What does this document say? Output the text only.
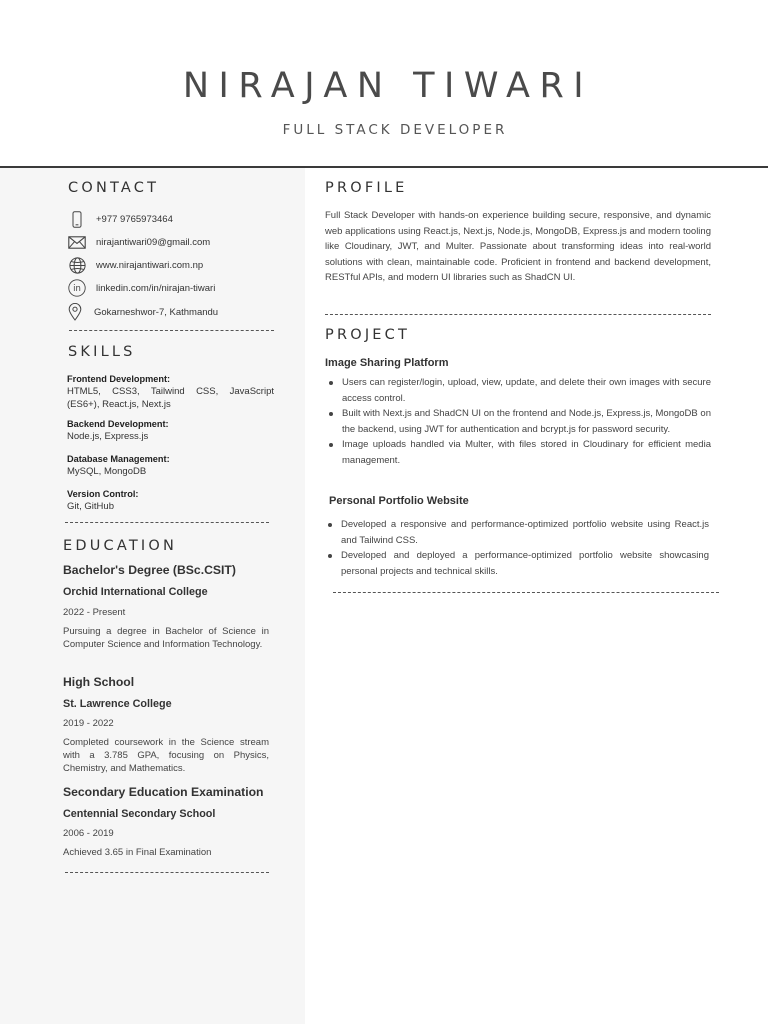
NIRAJAN TIWARI
FULL STACK DEVELOPER
CONTACT
+977 9765973464
nirajantiwari09@gmail.com
www.nirajantiwari.com.np
in linkedin.com/in/nirajan-tiwari
Gokarneshwor-7, Kathmandu
SKILLS
Frontend Development:
HTML5, CSS3, Tailwind CSS, JavaScript (ES6+), React.js, Next.js
Backend Development:
Node.js, Express.js
Database Management:
MySQL, MongoDB
Version Control:
Git, GitHub
EDUCATION
Bachelor's Degree (BSc.CSIT)
Orchid International College
2022 - Present
Pursuing a degree in Bachelor of Science in Computer Science and Information Technology.
High School
St. Lawrence College
2019 - 2022
Completed coursework in the Science stream with a 3.785 GPA, focusing on Physics, Chemistry, and Mathematics.
Secondary Education Examination
Centennial Secondary School
2006 - 2019
Achieved 3.65 in Final Examination
PROFILE
Full Stack Developer with hands-on experience building secure, responsive, and dynamic web applications using React.js, Next.js, Node.js, MongoDB, Express.js and modern tooling like Cloudinary, JWT, and Multer. Passionate about transforming ideas into real-world solutions with clean, maintainable code. Proficient in frontend and backend development, RESTful APIs, and modern UI libraries such as ShadCN UI.
PROJECT
Image Sharing Platform
Users can register/login, upload, view, update, and delete their own images with secure access control.
Built with Next.js and ShadCN UI on the frontend and Node.js, Express.js, MongoDB on the backend, using JWT for authentication and bcrypt.js for password security.
Image uploads handled via Multer, with files stored in Cloudinary for efficient media management.
Personal Portfolio Website
Developed a responsive and performance-optimized portfolio website using React.js and Tailwind CSS.
Developed and deployed a performance-optimized portfolio website showcasing personal projects and technical skills.
